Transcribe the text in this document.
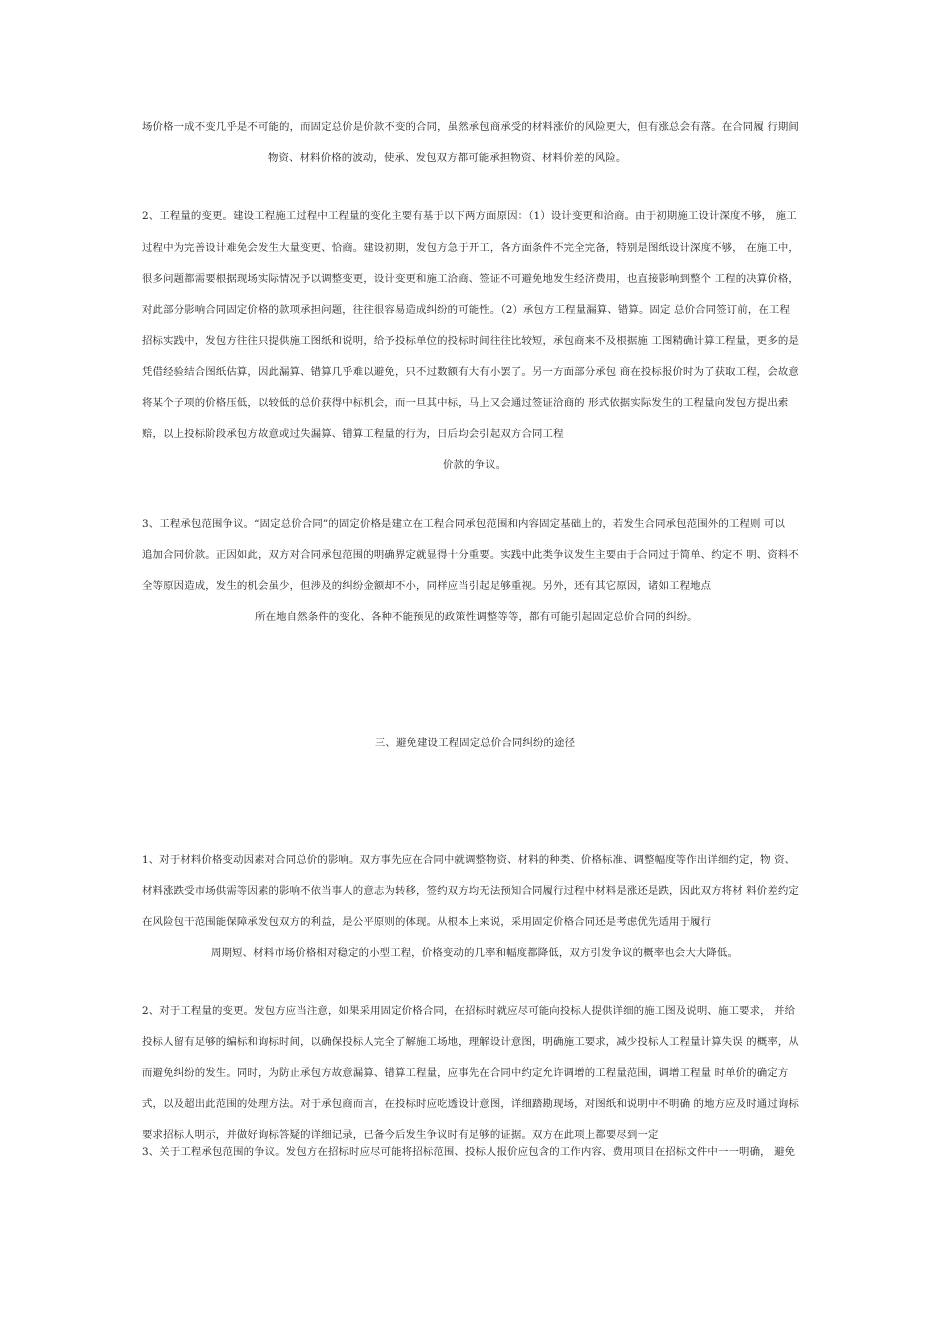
场价格一成不变几乎是不可能的，而固定总价是价款不变的合同，虽然承包商承受的材料涨价的风险更大，但有涨总会有落。在合同履 行期间
物资、材料价格的波动，使承、发包双方都可能承担物资、材料价差的风险。
2、工程量的变更。建设工程施工过程中工程量的变化主要有基于以下两方面原因：（1）设计变更和洽商。由于初期施工设计深度不够， 施工
过程中为完善设计难免会发生大量变更、恰商。建设初期，发包方急于开工，各方面条件不完全完备，特别是图纸设计深度不够， 在施工中，
很多问题都需要根据现场实际情况予以调整变更，设计变更和施工洽商、签证不可避免地发生经济费用，也直接影响到整个 工程的决算价格，
对此部分影响合同固定价格的款项承担问题，往往很容易造成纠纷的可能性。（2）承包方工程量漏算、错算。固定 总价合同签订前，在工程
招标实践中，发包方往往只提供施工图纸和说明，给予投标单位的投标时间往往比较短，承包商来不及根据施 工图精确计算工程量，更多的是
凭借经验结合图纸估算，因此漏算、错算几乎难以避免，只不过数额有大有小罢了。另一方面部分承包 商在投标报价时为了获取工程，会故意
将某个子项的价格压低，以较低的总价获得中标机会，而一旦其中标，马上又会通过签证洽商的 形式依据实际发生的工程量向发包方提出索
赔，以上投标阶段承包方故意或过失漏算、错算工程量的行为，日后均会引起双方合同工程
价款的争议。
3、工程承包范围争议。“固定总价合同”的固定价格是建立在工程合同承包范围和内容固定基础上的，若发生合同承包范围外的工程则 可以
追加合同价款。正因如此，双方对合同承包范围的明确界定就显得十分重要。实践中此类争议发生主要由于合同过于简单、约定不 明、资料不
全等原因造成，发生的机会虽少，但涉及的纠纷金额却不小，同样应当引起足够重视。另外，还有其它原因，诸如工程地点
所在地自然条件的变化、各种不能预见的政策性调整等等，都有可能引起固定总价合同的纠纷。
三、避免建设工程固定总价合同纠纷的途径
1、对于材料价格变动因素对合同总价的影响。双方事先应在合同中就调整物资、材料的种类、价格标准、调整幅度等作出详细约定，物 资、
材料涨跌受市场供需等因素的影响不依当事人的意志为转移，签约双方均无法预知合同履行过程中材料是涨还是跌，因此双方将材 料价差约定
在风险包干范围能保障承发包双方的利益，是公平原则的体现。从根本上来说，采用固定价格合同还是考虑优先适用于履行
周期短、材料市场价格相对稳定的小型工程，价格变动的几率和幅度都降低，双方引发争议的概率也会大大降低。
2、对于工程量的变更。发包方应当注意，如果采用固定价格合同，在招标时就应尽可能向投标人提供详细的施工图及说明、施工要求， 并给
投标人留有足够的编标和询标时间，以确保投标人完全了解施工场地，理解设计意图，明确施工要求，减少投标人工程量计算失误 的概率，从
而避免纠纷的发生。同时，为防止承包方故意漏算、错算工程量，应事先在合同中约定允许调增的工程量范围，调增工程量 时单价的确定方
式，以及超出此范围的处理方法。对于承包商而言，在投标时应吃透设计意图，详细踏勘现场，对图纸和说明中不明确 的地方应及时通过询标
要求招标人明示，并做好询标答疑的详细记录，已备今后发生争议时有足够的证据。双方在此项上都要尽到一定
3、关于工程承包范围的争议。发包方在招标时应尽可能将招标范围、投标人报价应包含的工作内容、费用项目在招标文件中一一明确， 避免
